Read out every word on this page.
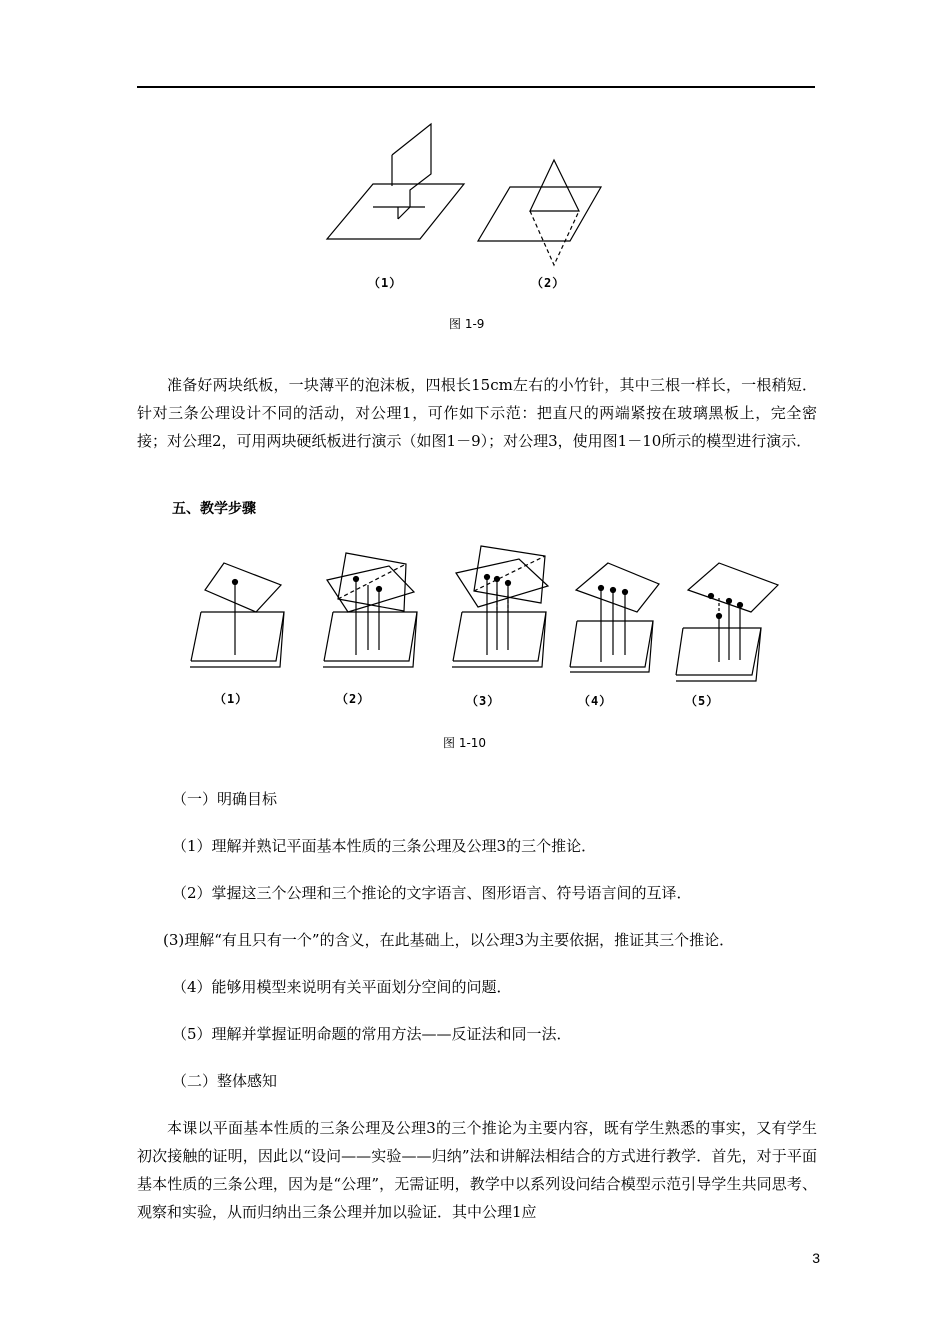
（1）	（2）
图 1-9
准备好两块纸板，一块薄平的泡沫板，四根长15cm左右的小竹针，其中三根一样长，一根稍短．针对三条公理设计不同的活动，对公理1，可作如下示范：把直尺的两端紧按在玻璃黑板上，完全密接；对公理2，可用两块硬纸板进行演示（如图1－9）；对公理3，使用图1－10所示的模型进行演示．
五、教学步骤
（1）	（2）	（3）	（4）	（5）
图 1-10
（一）明确目标
（1）理解并熟记平面基本性质的三条公理及公理3的三个推论．
（2）掌握这三个公理和三个推论的文字语言、图形语言、符号语言间的互译．
(3)理解“有且只有一个”的含义，在此基础上，以公理3为主要依据，推证其三个推论．
（4）能够用模型来说明有关平面划分空间的问题．
（5）理解并掌握证明命题的常用方法——反证法和同一法．
（二）整体感知
本课以平面基本性质的三条公理及公理3的三个推论为主要内容，既有学生熟悉的事实，又有学生初次接触的证明，因此以“设问——实验——归纳”法和讲解法相结合的方式进行教学．首先，对于平面基本性质的三条公理，因为是“公理”，无需证明，教学中以系列设问结合模型示范引导学生共同思考、观察和实验，从而归纳出三条公理并加以验证．其中公理1应
3
